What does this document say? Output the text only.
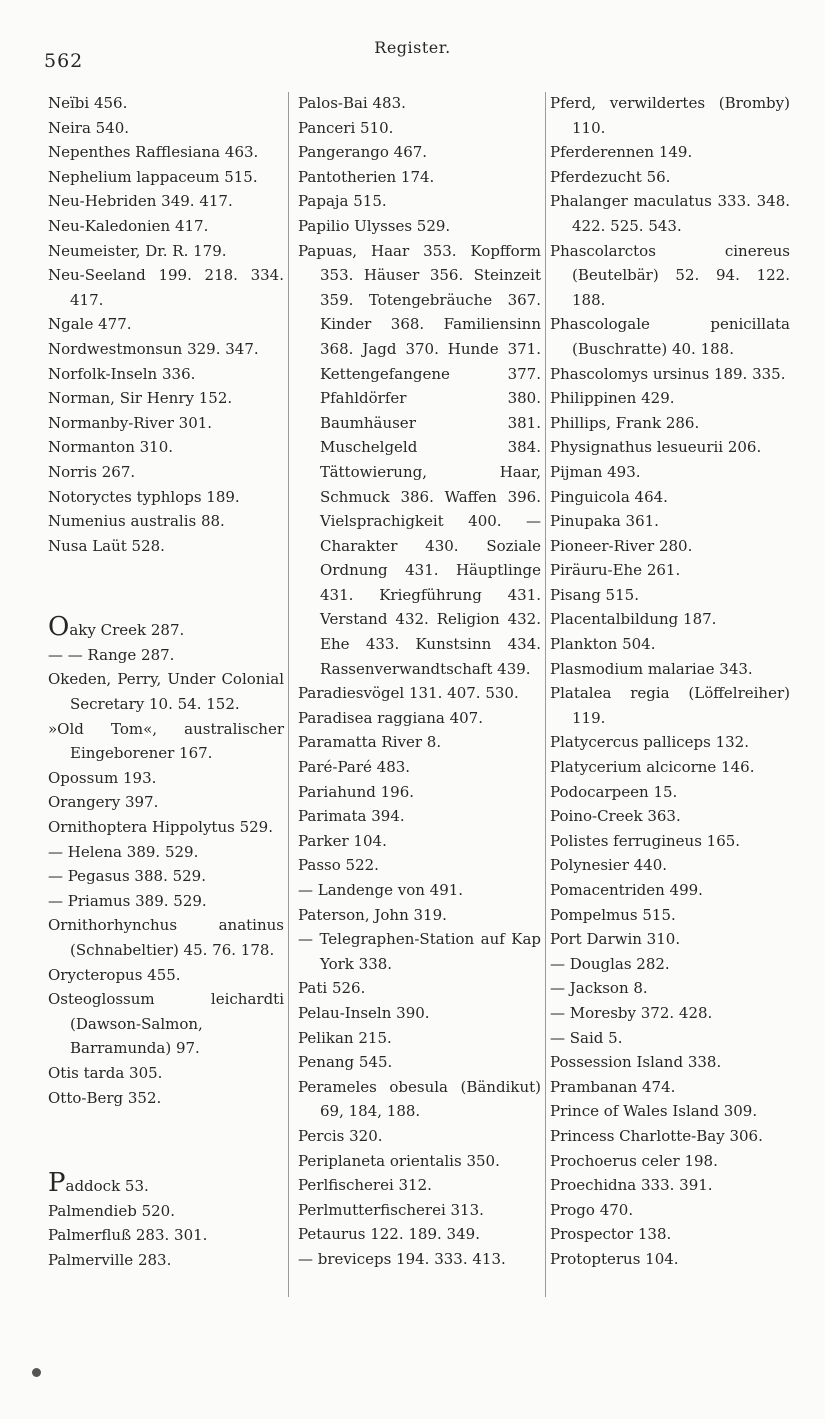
562
Register.

Neïbi 456.

Neira 540.

Nepenthes Rafflesiana 463.

Nephelium lappaceum 515.

Neu-Hebriden 349. 417.

Neu-Kaledonien 417.

Neumeister, Dr. R. 179.

Neu-Seeland 199. 218. 334. 417.

Ngale 477.

Nordwestmonsun 329. 347.

Norfolk-Inseln 336.

Norman, Sir Henry 152.

Normanby-River 301.

Normanton 310.

Norris 267.

Notoryctes typhlops 189.

Numenius australis 88.

Nusa Laüt 528.

Oaky Creek 287.

— — Range 287.

Okeden, Perry, Under Colonial Secretary 10. 54. 152.

»Old Tom«, australischer Eingeborener 167.

Opossum 193.

Orangery 397.

Ornithoptera Hippolytus 529.

— Helena 389. 529.

— Pegasus 388. 529.

— Priamus 389. 529.

Ornithorhynchus anatinus (Schnabeltier) 45. 76. 178.

Orycteropus 455.

Osteoglossum leichardti (Dawson-Salmon, Barramunda) 97.

Otis tarda 305.

Otto-Berg 352.

Paddock 53.

Palmendieb 520.

Palmerfluß 283. 301.

Palmerville 283.

Palos-Bai 483.

Panceri 510.

Pangerango 467.

Pantotherien 174.

Papaja 515.

Papilio Ulysses 529.

Papuas, Haar 353. Kopfform 353. Häuser 356. Steinzeit 359. Totengebräuche 367. Kinder 368. Familiensinn 368. Jagd 370. Hunde 371. Kettengefangene 377. Pfahldörfer 380. Baumhäuser 381. Muschelgeld 384. Tättowierung, Haar, Schmuck 386. Waffen 396. Vielsprachigkeit 400. — Charakter 430. Soziale Ordnung 431. Häuptlinge 431. Kriegführung 431. Verstand 432. Religion 432. Ehe 433. Kunstsinn 434. Rassenverwandtschaft 439.

Paradiesvögel 131. 407. 530.

Paradisea raggiana 407.

Paramatta River 8.

Paré-Paré 483.

Pariahund 196.

Parimata 394.

Parker 104.

Passo 522.

— Landenge von 491.

Paterson, John 319.

— Telegraphen-Station auf Kap York 338.

Pati 526.

Pelau-Inseln 390.

Pelikan 215.

Penang 545.

Perameles obesula (Bändikut) 69, 184, 188.

Percis 320.

Periplaneta orientalis 350.

Perlfischerei 312.

Perlmutterfischerei 313.

Petaurus 122. 189. 349.

— breviceps 194. 333. 413.

Pferd, verwildertes (Bromby) 110.

Pferderennen 149.

Pferdezucht 56.

Phalanger maculatus 333. 348. 422. 525. 543.

Phascolarctos cinereus (Beutelbär) 52. 94. 122. 188.

Phascologale penicillata (Buschratte) 40. 188.

Phascolomys ursinus 189. 335.

Philippinen 429.

Phillips, Frank 286.

Physignathus lesueurii 206.

Pijman 493.

Pinguicola 464.

Pinupaka 361.

Pioneer-River 280.

Piräuru-Ehe 261.

Pisang 515.

Placentalbildung 187.

Plankton 504.

Plasmodium malariae 343.

Platalea regia (Löffelreiher) 119.

Platycercus palliceps 132.

Platycerium alcicorne 146.

Podocarpeen 15.

Poino-Creek 363.

Polistes ferrugineus 165.

Polynesier 440.

Pomacentriden 499.

Pompelmus 515.

Port Darwin 310.

— Douglas 282.

— Jackson 8.

— Moresby 372. 428.

— Said 5.

Possession Island 338.

Prambanan 474.

Prince of Wales Island 309.

Princess Charlotte-Bay 306.

Prochoerus celer 198.

Proechidna 333. 391.

Progo 470.

Prospector 138.

Protopterus 104.
